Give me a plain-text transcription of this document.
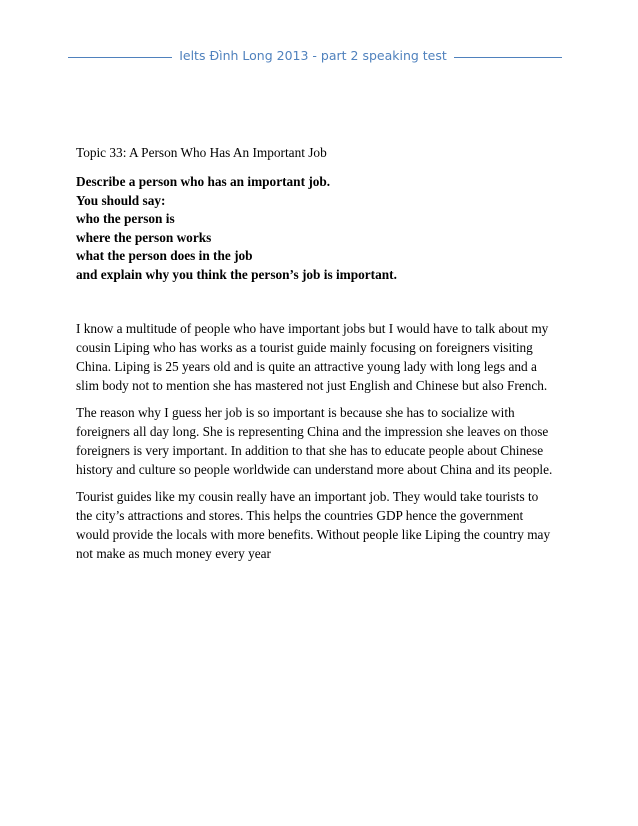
Ielts Đình Long 2013 - part 2 speaking test
Topic 33: A Person Who Has An Important Job
Describe a person who has an important job.
You should say:
who the person is
where the person works
what the person does in the job
and explain why you think the person’s job is important.

I know a multitude of people who have important jobs but I would have to talk about my
cousin Liping who has works as a tourist guide mainly focusing on foreigners visiting
China. Liping is 25 years old and is quite an attractive young lady with long legs and a
slim body not to mention she has mastered not just English and Chinese but also French.

The reason why I guess her job is so important is because she has to socialize with
foreigners all day long. She is representing China and the impression she leaves on those
foreigners is very important. In addition to that she has to educate people about Chinese
history and culture so people worldwide can understand more about China and its people.

Tourist guides like my cousin really have an important job. They would take tourists to
the city’s attractions and stores. This helps the countries GDP hence the government
would provide the locals with more benefits. Without people like Liping the country may
not make as much money every year
